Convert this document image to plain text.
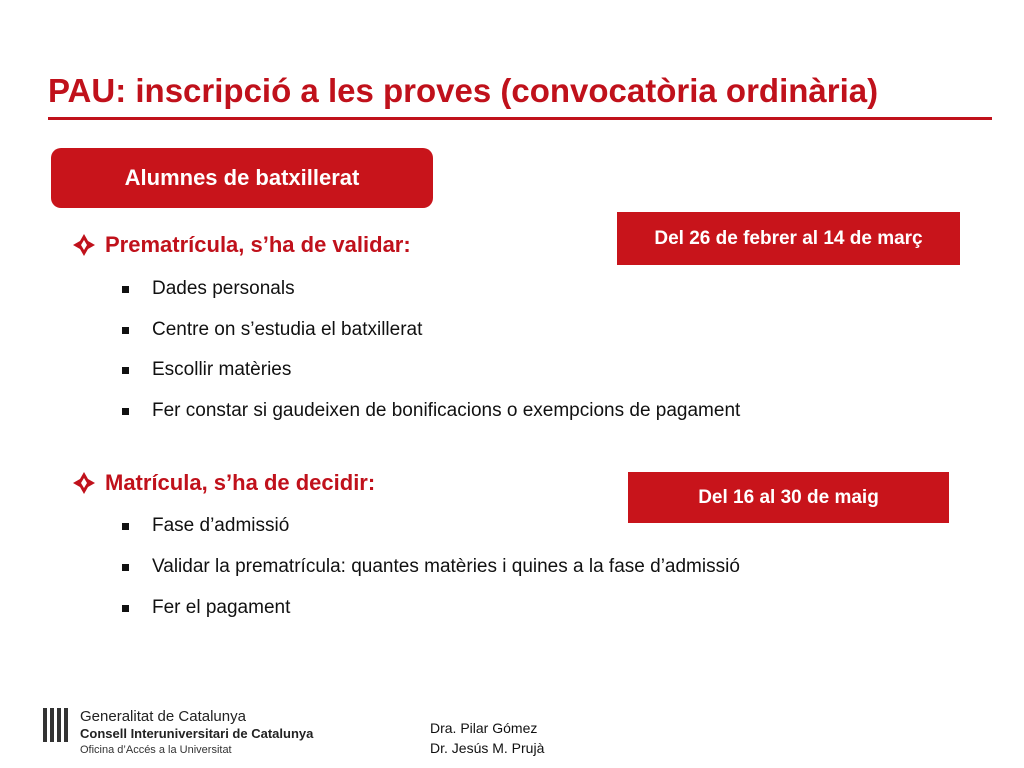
PAU: inscripció a les proves (convocatòria ordinària)
Alumnes de batxillerat
Del 26 de febrer al 14 de març
Prematrícula, s’ha de validar:
Dades personals
Centre on s’estudia el batxillerat
Escollir matèries
Fer constar si gaudeixen de bonificacions o exempcions de pagament
Del 16 al 30 de maig
Matrícula, s’ha de decidir:
Fase d’admissió
Validar la prematrícula: quantes matèries i quines a la fase d’admissió
Fer el pagament
Generalitat de Catalunya
Consell Interuniversitari de Catalunya
Oficina d’Accés a la Universitat
Dra. Pilar Gómez
Dr. Jesús M. Prujà
